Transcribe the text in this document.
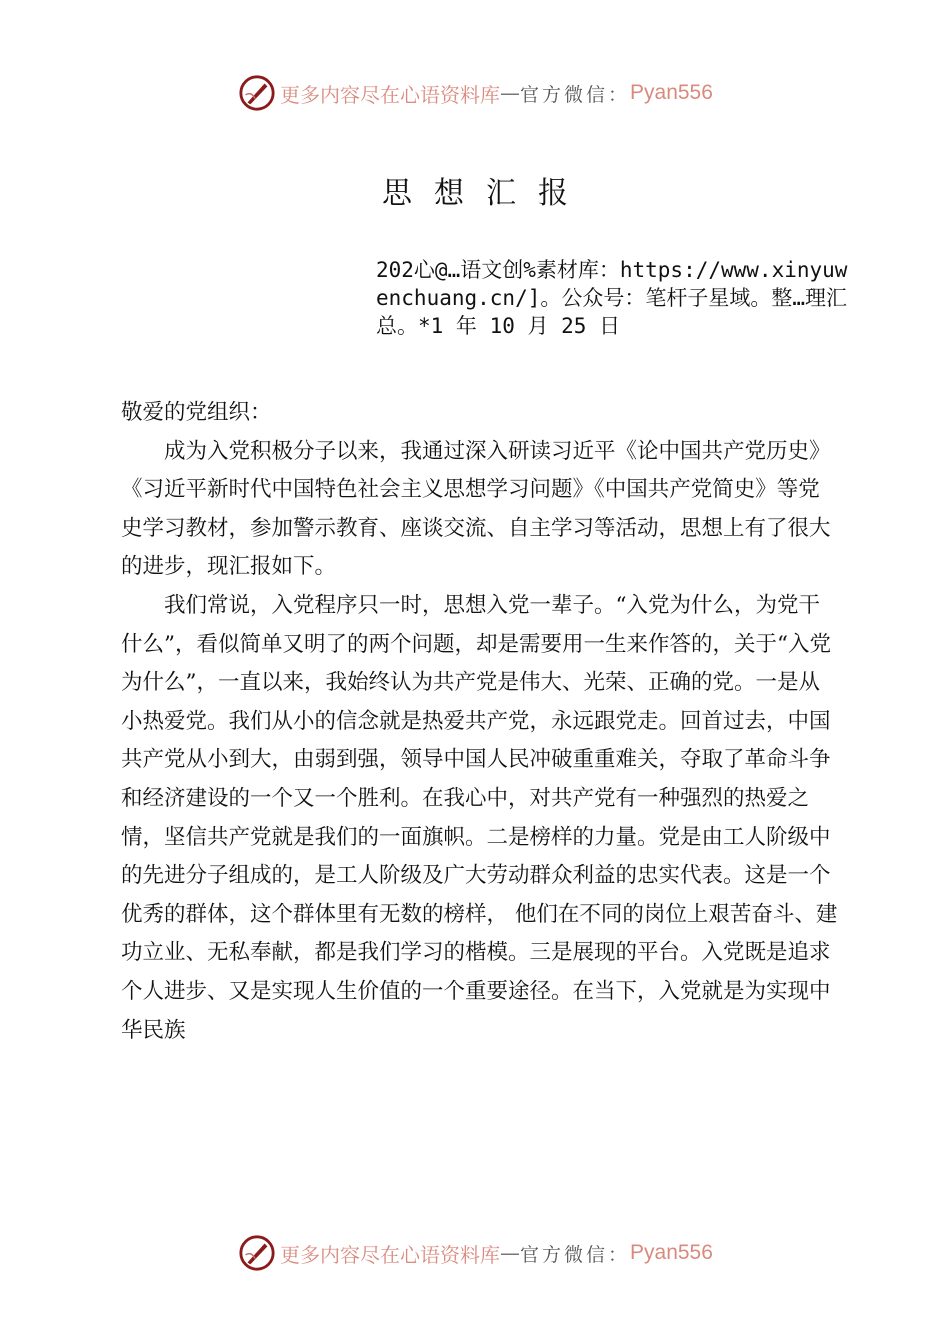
更多内容尽在心语资料库 — 官方微信： Pyan556
思想汇报
202心@…语文创%素材库：https://www.xinyuwenchuang.cn/]。公众号：笔杆子星域。整…理汇总。*1 年 10 月 25 日

敬爱的党组织：

成为入党积极分子以来，我通过深入研读习近平《论中国共产党历史》《习近平新时代中国特色社会主义思想学习问题》《中国共产党简史》等党史学习教材，参加警示教育、座谈交流、自主学习等活动，思想上有了很大的进步，现汇报如下。

我们常说，入党程序只一时，思想入党一辈子。“入党为什么，为党干什么”，看似简单又明了的两个问题，却是需要用一生来作答的，关于“入党为什么”，一直以来，我始终认为共产党是伟大、光荣、正确的党。一是从小热爱党。我们从小的信念就是热爱共产党，永远跟党走。回首过去，中国共产党从小到大，由弱到强，领导中国人民冲破重重难关，夺取了革命斗争和经济建设的一个又一个胜利。在我心中，对共产党有一种强烈的热爱之情，坚信共产党就是我们的一面旗帜。二是榜样的力量。党是由工人阶级中的先进分子组成的，是工人阶级及广大劳动群众利益的忠实代表。这是一个优秀的群体，这个群体里有无数的榜样， 他们在不同的岗位上艰苦奋斗、建功立业、无私奉献，都是我们学习的楷模。三是展现的平台。入党既是追求个人进步、又是实现人生价值的一个重要途径。在当下，入党就是为实现中华民族

更多内容尽在心语资料库 — 官方微信： Pyan556
